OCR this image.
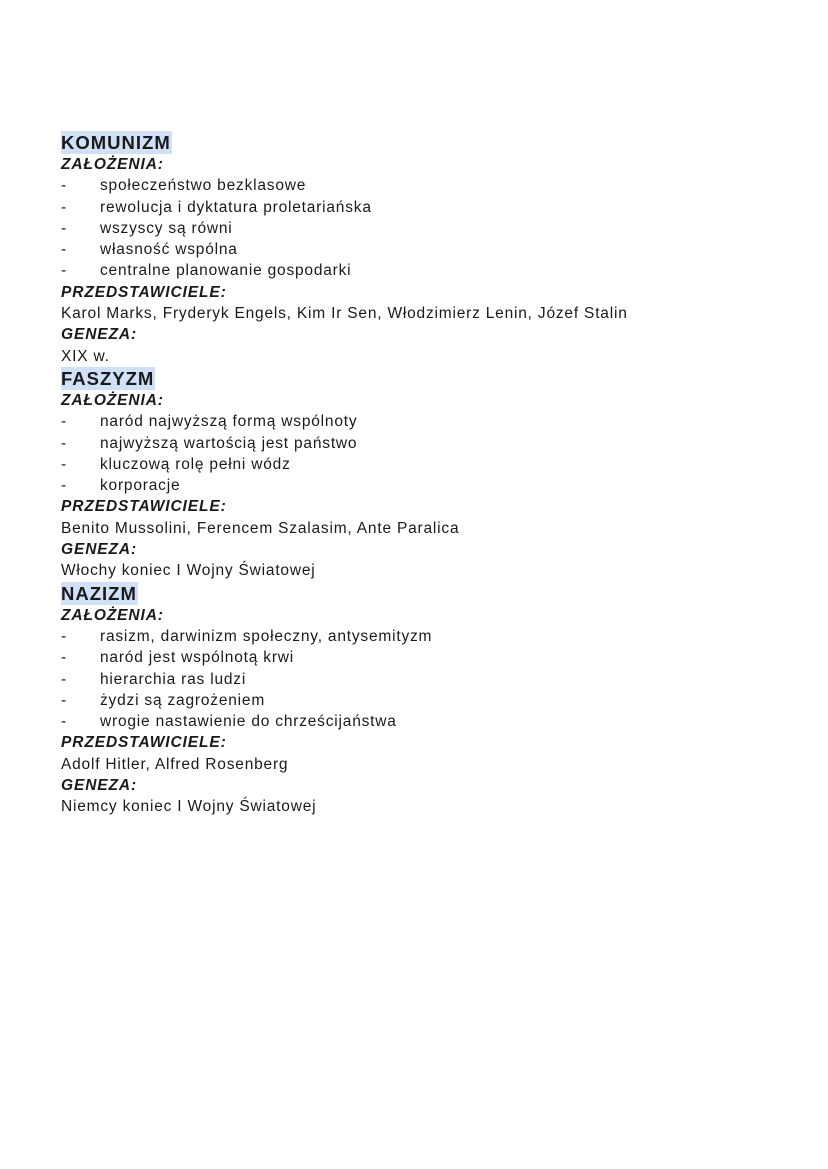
KOMUNIZM
ZAŁOŻENIA:
- społeczeństwo bezklasowe
- rewolucja i dyktatura proletariańska
- wszyscy są równi
- własność wspólna
- centralne planowanie gospodarki
PRZEDSTAWICIELE:
Karol Marks, Fryderyk Engels, Kim Ir Sen, Włodzimierz Lenin, Józef Stalin
GENEZA:
XIX w.
FASZYZM
ZAŁOŻENIA:
- naród najwyższą formą wspólnoty
- najwyższą wartością jest państwo
- kluczową rolę pełni wódz
- korporacje
PRZEDSTAWICIELE:
Benito Mussolini, Ferencem Szalasim, Ante Paralica
GENEZA:
Włochy koniec I Wojny Światowej
NAZIZM
ZAŁOŻENIA:
- rasizm, darwinizm społeczny, antysemityzm
- naród jest wspólnotą krwi
- hierarchia ras ludzi
- żydzi są zagrożeniem
- wrogie nastawienie do chrześcijaństwa
PRZEDSTAWICIELE:
Adolf Hitler, Alfred Rosenberg
GENEZA:
Niemcy koniec I Wojny Światowej
